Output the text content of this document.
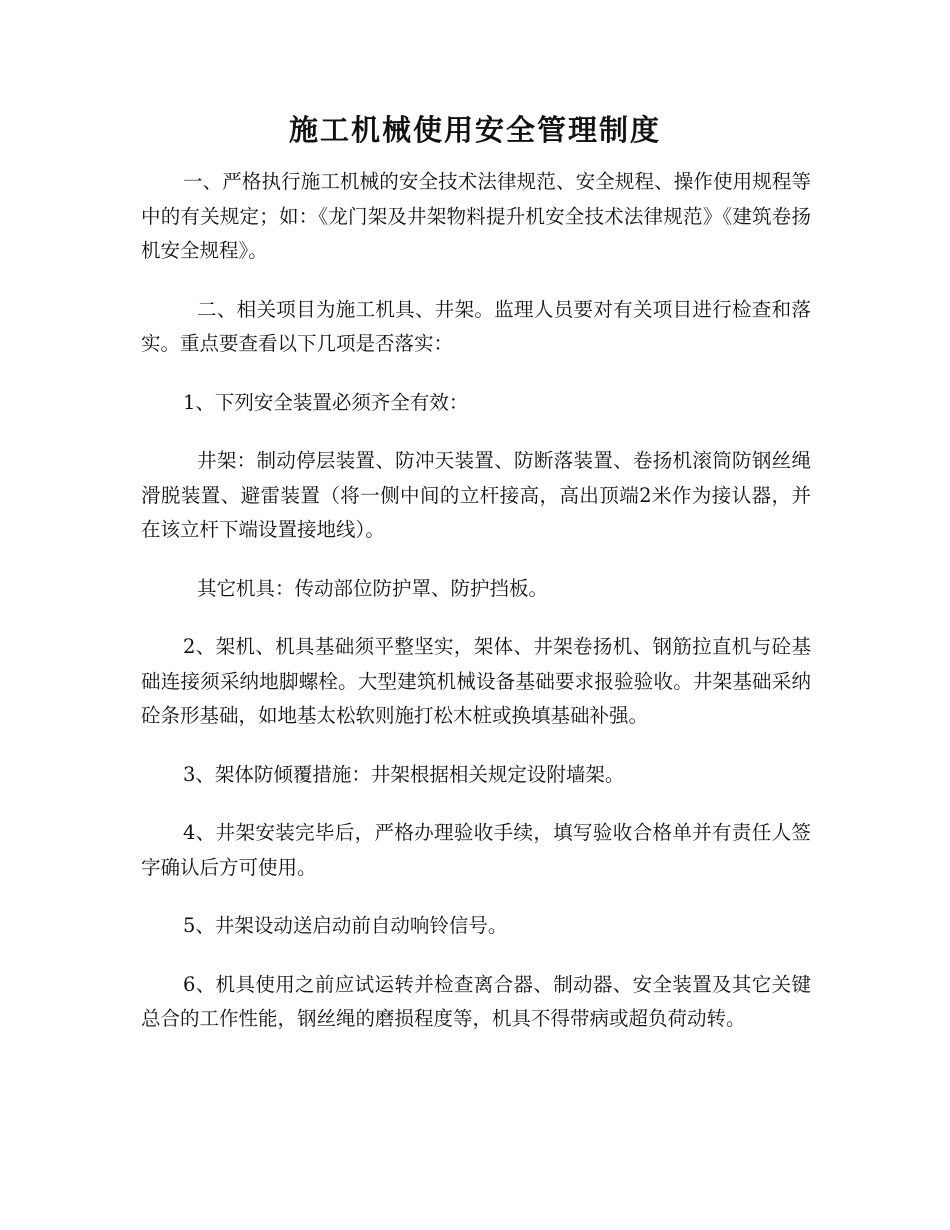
施工机械使用安全管理制度

一、严格执行施工机械的安全技术法律规范、安全规程、操作使用规程等中的有关规定；如：《龙门架及井架物料提升机安全技术法律规范》《建筑卷扬机安全规程》。

二、相关项目为施工机具、井架。监理人员要对有关项目进行检查和落实。重点要查看以下几项是否落实：

1、下列安全装置必须齐全有效：

井架：制动停层装置、防冲天装置、防断落装置、卷扬机滚筒防钢丝绳滑脱装置、避雷装置（将一侧中间的立杆接高，高出顶端2米作为接认器，并在该立杆下端设置接地线）。

其它机具：传动部位防护罩、防护挡板。

2、架机、机具基础须平整坚实，架体、井架卷扬机、钢筋拉直机与砼基础连接须采纳地脚螺栓。大型建筑机械设备基础要求报验验收。井架基础采纳砼条形基础，如地基太松软则施打松木桩或换填基础补强。

3、架体防倾覆措施：井架根据相关规定设附墙架。

4、井架安装完毕后，严格办理验收手续，填写验收合格单并有责任人签字确认后方可使用。

5、井架设动送启动前自动响铃信号。

6、机具使用之前应试运转并检查离合器、制动器、安全装置及其它关键总合的工作性能，钢丝绳的磨损程度等，机具不得带病或超负荷动转。
